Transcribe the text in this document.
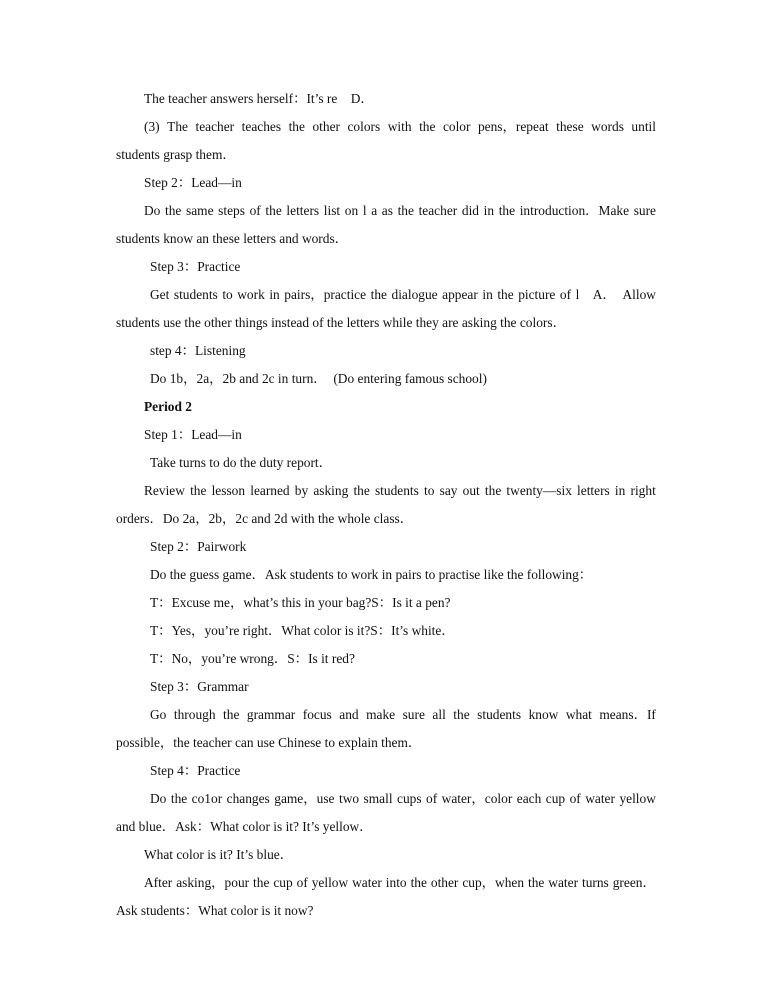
The teacher answers herself：It’s re　D．
(3) The teacher teaches the other colors with the color pens，repeat these words until
students grasp them．
Step 2：Lead—in
Do the same steps of the letters list on l a as the teacher did in the introduction．Make sure
students know an these letters and words．
Step 3：Practice
Get students to work in pairs，practice the dialogue appear in the picture of l　A．　Allow
students use the other things instead of the letters while they are asking the colors．
step 4：Listening
Do 1b，2a，2b and 2c in turn．　(Do entering famous school)
Period 2
Step 1：Lead—in
Take turns to do the duty report．
Review the lesson learned by asking the students to say out the twenty—six letters in right
orders．Do 2a，2b，2c and 2d with the whole class．
Step 2：Pairwork
Do the guess game．Ask students to work in pairs to practise like the following：
T：Excuse me，what’s this in your bag?S：Is it a pen?
T：Yes，you’re right．What color is it?S：It’s white．
T：No，you’re wrong．S：Is it red?
Step 3：Grammar
Go through the grammar focus and make sure all the students know what means．If
possible，the teacher can use Chinese to explain them．
Step 4：Practice
Do the co1or changes game，use two small cups of water，color each cup of water yellow
and blue．Ask：What color is it? It’s yellow．
What color is it? It’s blue．
After asking，pour the cup of yellow water into the other cup，when the water turns green．
Ask students：What color is it now?
